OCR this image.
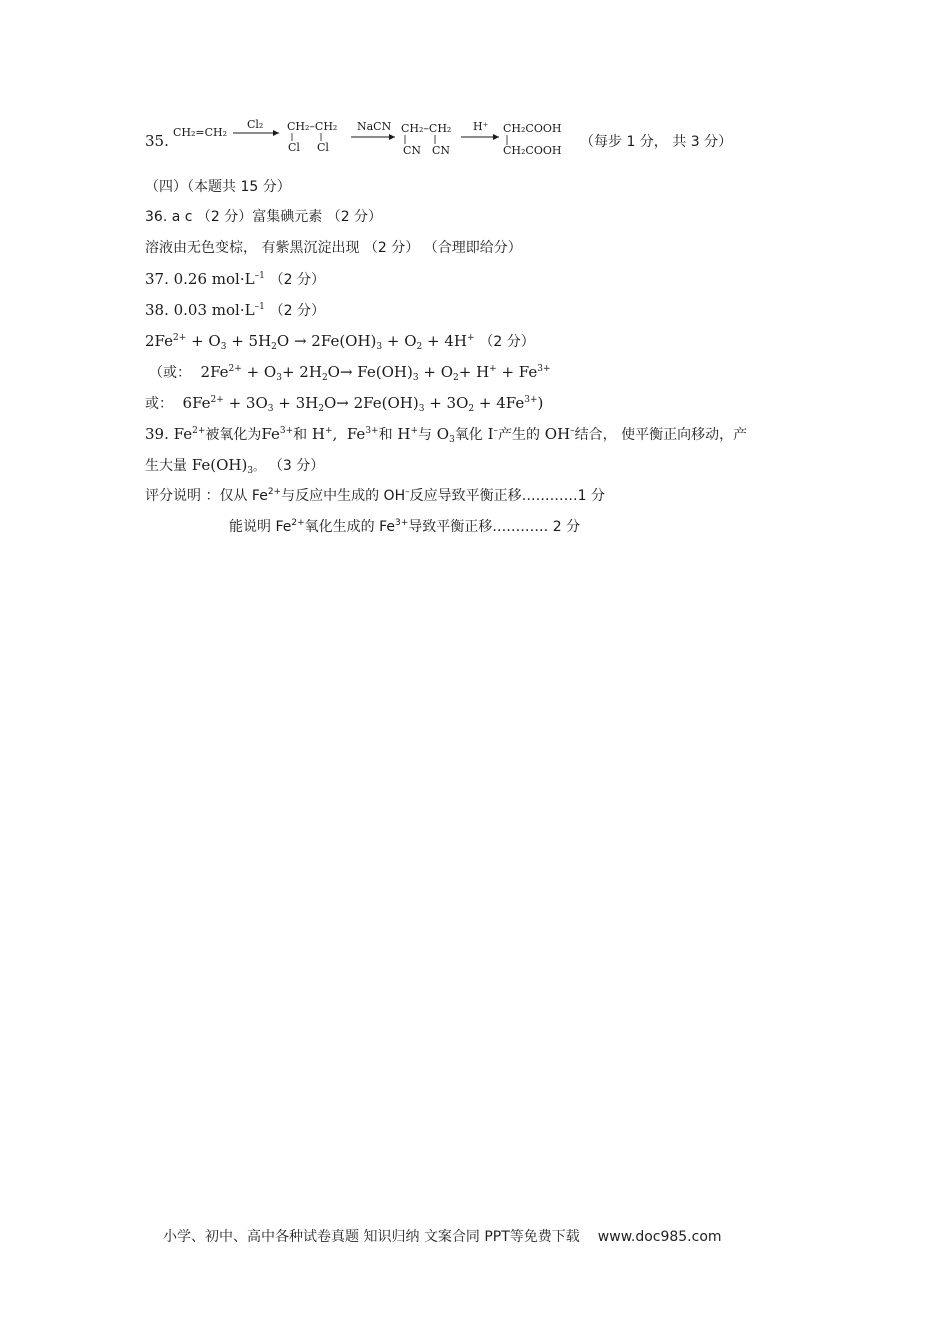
35. CH₂=CH₂
Cl₂ CH₂–CH₂
Cl Cl
NaCN CH₂–CH₂
CN CN
H⁺ CH₂COOH
CH₂COOH
（每步 1 分， 共 3 分）
（四）（本题共 15 分）
36. a c （2 分）富集碘元素 （2 分）
溶液由无色变棕， 有紫黑沉淀出现 （2 分） （合理即给分）
37. 0.26 $mol\cdot L^{-1}$ （2 分）
38. 0.03 $mol\cdot L^{-1}$ （2 分）
$2Fe^{2+} + O_3 + 5H_2O \to 2Fe(OH)_3 + O_2 + 4H^+$ （2 分）
（或：  $2Fe^{2+} + O_3+ 2H_2O\to Fe(OH)_3 + O_2+ H^+ + Fe^{3+}$
或：  $6Fe^{2+} + 3O_3 + 3H_2O\to 2Fe(OH)_3 + 3O_2 + 4Fe^{3+}$)
39. $Fe^{2+}$被氧化为$Fe^{3+}$和 H+,  $Fe^{3+}$和 H+与 $O_3$氧化 I–产生的 OH–结合， 使平衡正向移动，产
生大量 $Fe(OH)_3$。 （3 分）
评分说明 ：仅从 $Fe^{2+}$与反应中生成的 OH–反应导致平衡正移…………1 分
能说明 $Fe^{2+}$氧化生成的 $Fe^{3+}$导致平衡正移………… 2 分
小学、初中、高中各种试卷真题 知识归纳 文案合同 PPT等免费下载 www.doc985.com
